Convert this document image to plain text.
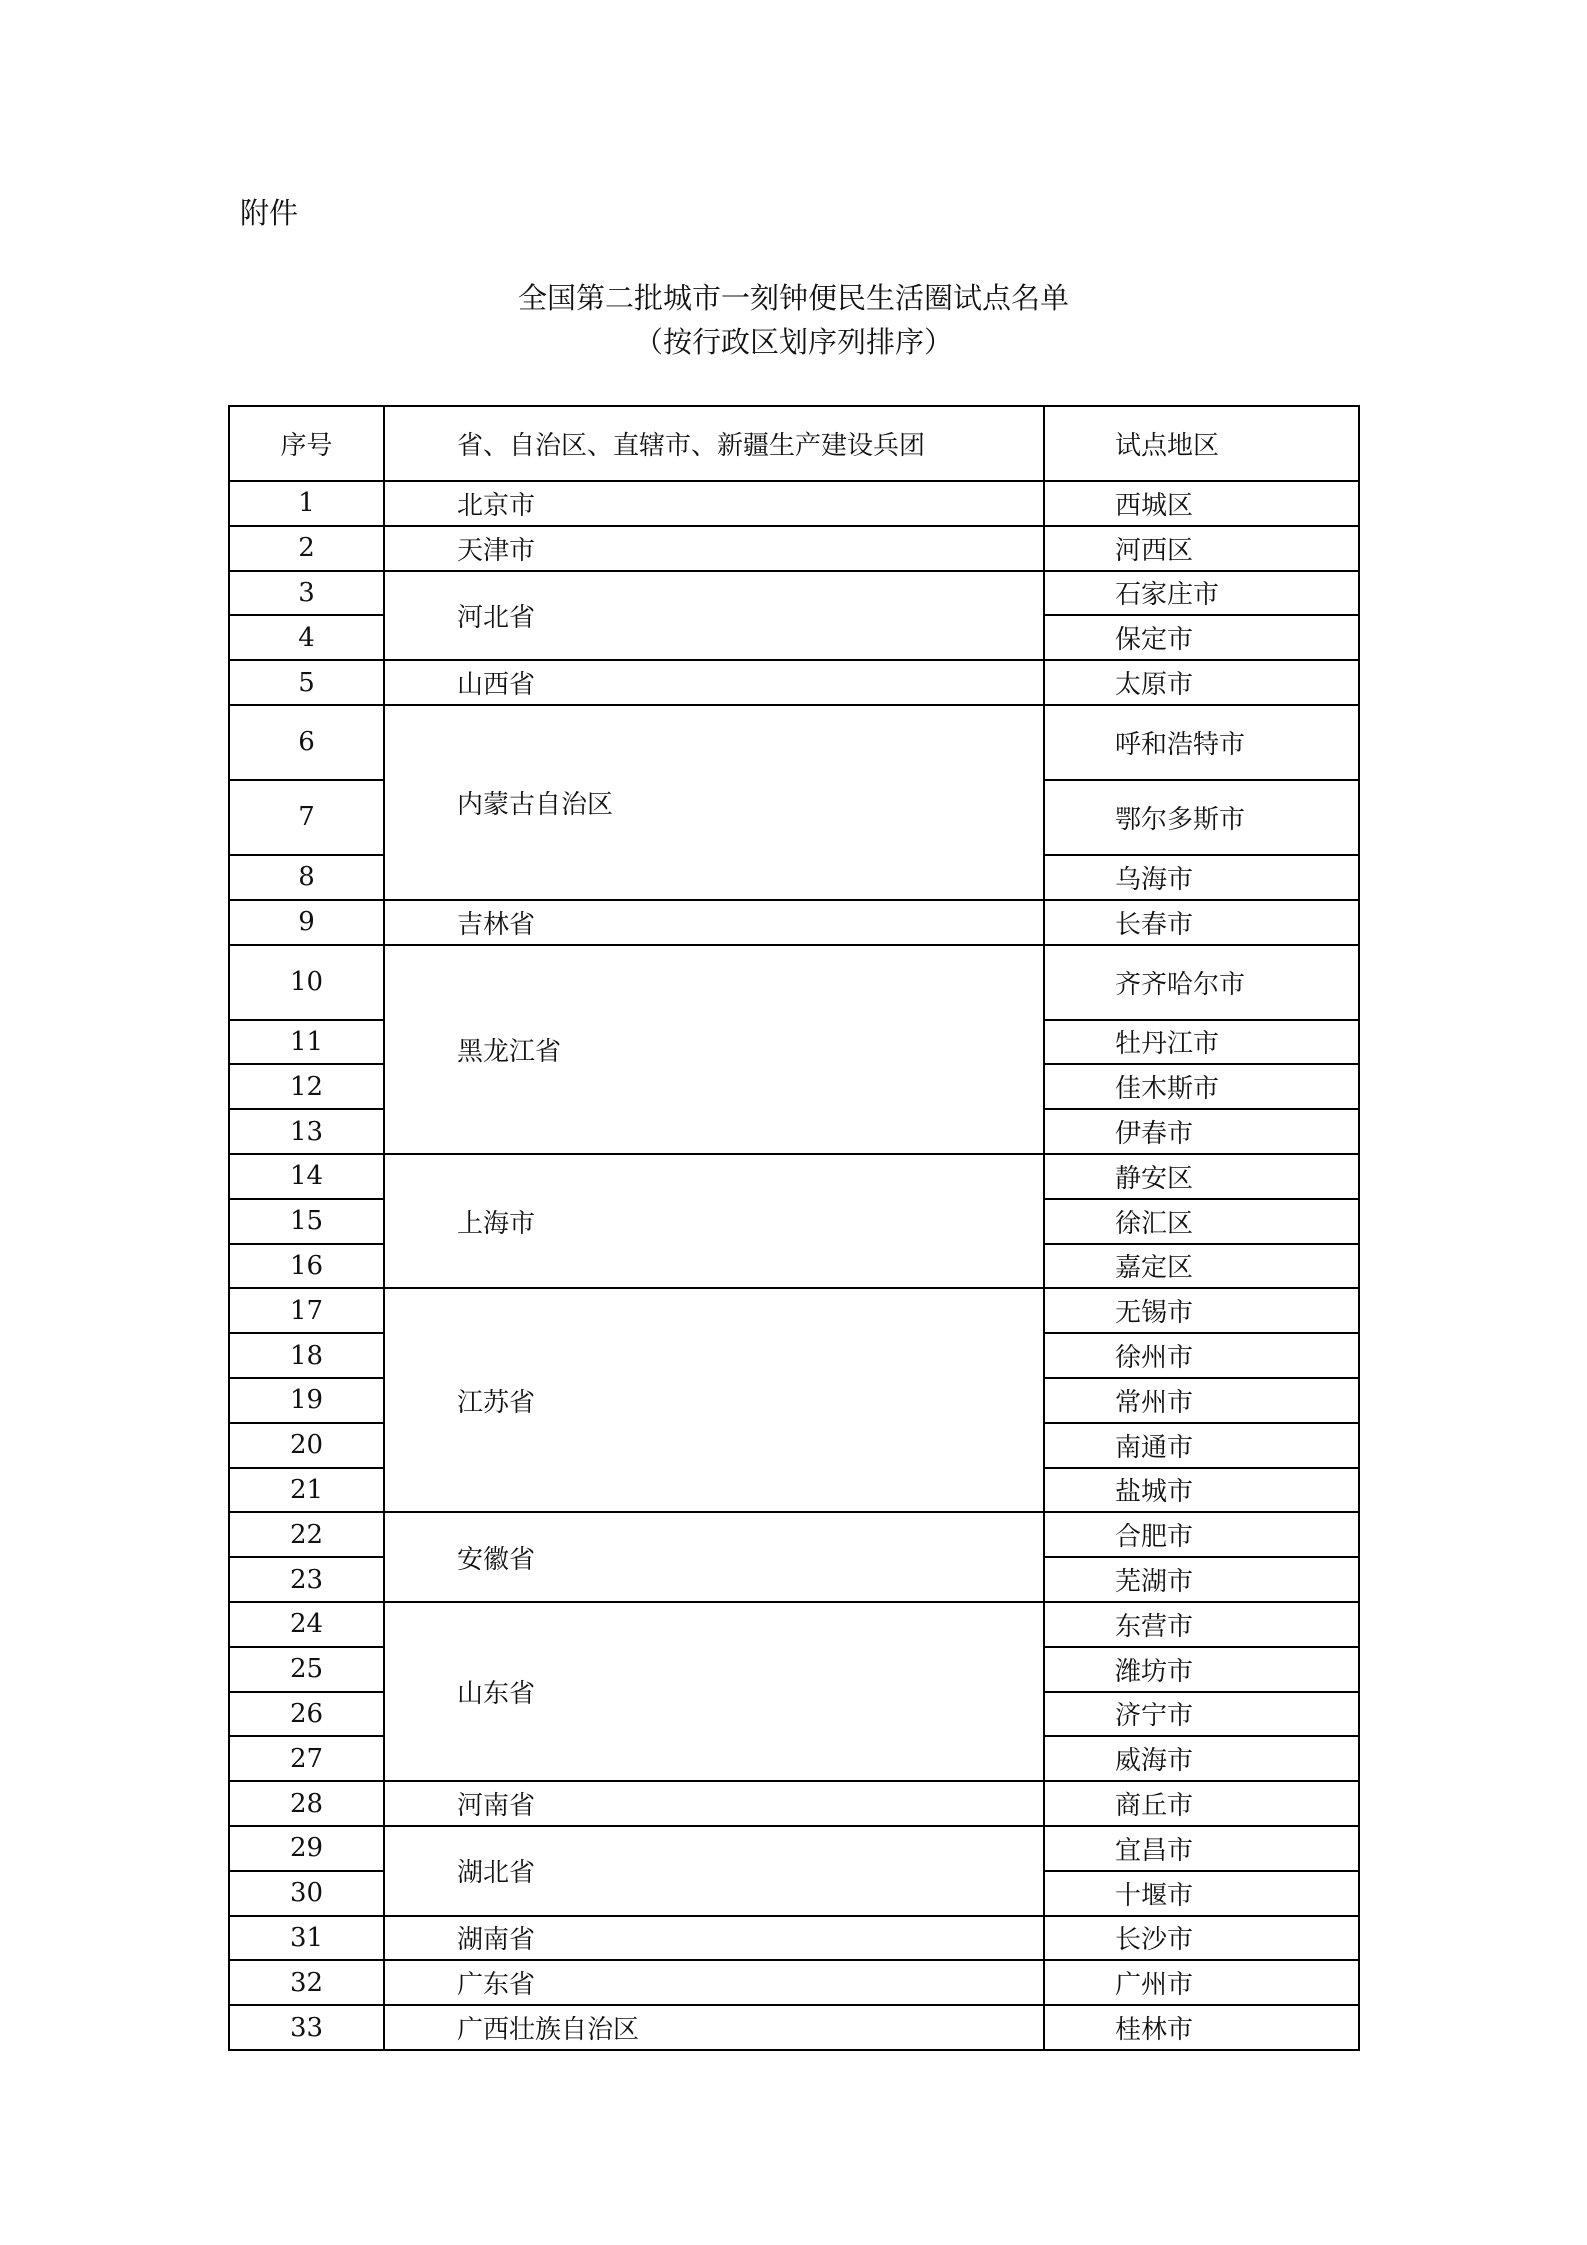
附件
全国第二批城市一刻钟便民生活圈试点名单
（按行政区划序列排序）
序号	省、自治区、直辖市、新疆生产建设兵团	试点地区
1	北京市	西城区
2	天津市	河西区
3	河北省	石家庄市
4		保定市
5	山西省	太原市
6	内蒙古自治区	呼和浩特市
7		鄂尔多斯市
8		乌海市
9	吉林省	长春市
10	黑龙江省	齐齐哈尔市
11		牡丹江市
12		佳木斯市
13		伊春市
14	上海市	静安区
15		徐汇区
16		嘉定区
17	江苏省	无锡市
18		徐州市
19		常州市
20		南通市
21		盐城市
22	安徽省	合肥市
23		芜湖市
24	山东省	东营市
25		潍坊市
26		济宁市
27		威海市
28	河南省	商丘市
29	湖北省	宜昌市
30		十堰市
31	湖南省	长沙市
32	广东省	广州市
33	广西壮族自治区	桂林市
